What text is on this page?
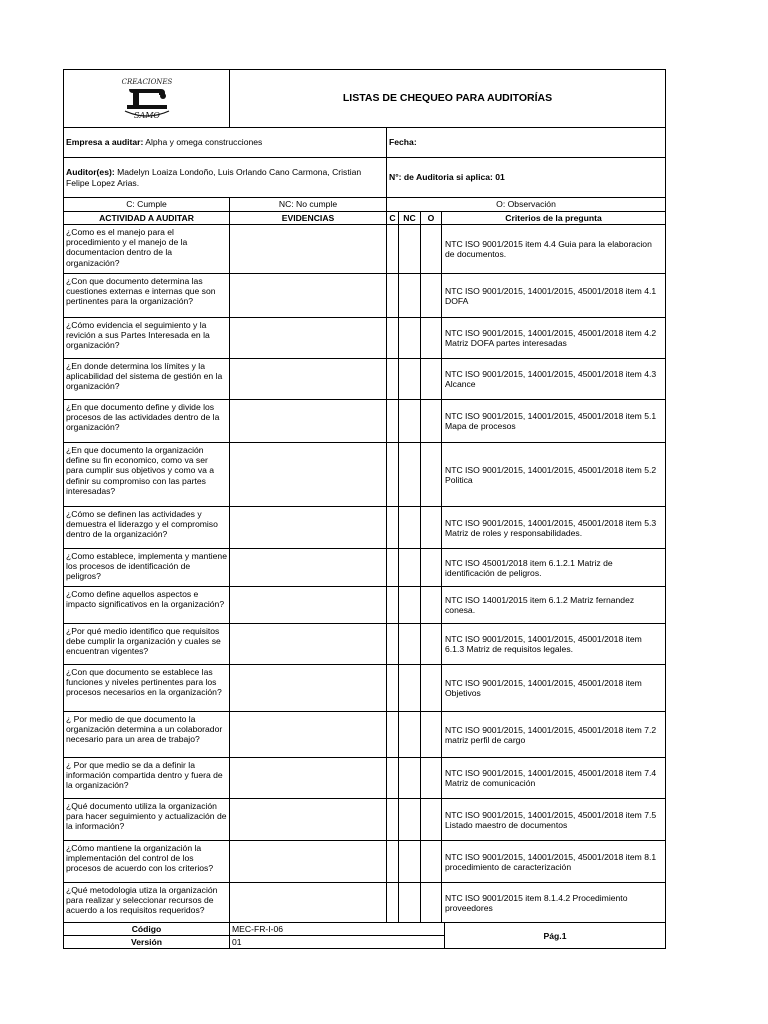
CREACIONES
SAMO	LISTAS DE CHEQUEO PARA AUDITORÍAS					
Empresa a auditar: Alpha y omega construcciones		Fecha:				
Auditor(es): Madelyn Loaiza Londoño, Luis Orlando Cano Carmona, Cristian Felipe Lopez Arias.		N°: de Auditoria si aplica: 01				
C: Cumple	NC: No cumple	O: Observación				
ACTIVIDAD A AUDITAR	EVIDENCIAS	C	NC	O	Criterios de la pregunta	
¿Como es el manejo para el procedimiento y el manejo de la documentacion dentro de la organización?					NTC ISO 9001/2015 item 4.4 Guia para la elaboracion de documentos.	
¿Con que documento determina las cuestiones externas e internas que son pertinentes para la organización?					NTC ISO 9001/2015, 14001/2015, 45001/2018 item 4.1 DOFA	
¿Cómo evidencia el seguimiento y la revición a sus Partes Interesada en la organización?					NTC ISO 9001/2015, 14001/2015, 45001/2018 item 4.2 Matriz DOFA partes interesadas	
¿En donde determina los límites y la aplicabilidad del sistema de gestión en la organización?					NTC ISO 9001/2015, 14001/2015, 45001/2018 item 4.3 Alcance	
¿En que documento define y divide los procesos de las actividades dentro de la organización?					NTC ISO 9001/2015, 14001/2015, 45001/2018 item 5.1 Mapa de procesos	
¿En que documento la organización define su fin economico, como va ser para cumplir sus objetivos y como va a definir su compromiso con las partes interesadas?					NTC ISO 9001/2015, 14001/2015, 45001/2018 item 5.2 Politica	
¿Cómo se definen las actividades y demuestra el liderazgo y el compromiso dentro de la organización?					NTC ISO 9001/2015, 14001/2015, 45001/2018 item 5.3 Matriz de roles y responsabilidades.	
¿Como establece, implementa y mantiene los procesos de identificación de peligros?					NTC ISO 45001/2018 item 6.1.2.1 Matriz de identificación de peligros.	
¿Como define aquellos aspectos e impacto significativos en la organización?					NTC ISO 14001/2015 item 6.1.2 Matriz fernandez conesa.	
¿Por qué medio identifico que requisitos debe cumplir la organización y cuales se encuentran vigentes?					NTC ISO 9001/2015, 14001/2015, 45001/2018 item 6.1.3 Matriz de requisitos legales.	
¿Con que documento se establece las funciones y niveles pertinentes para los procesos necesarios en la organización?					NTC ISO 9001/2015, 14001/2015, 45001/2018 item Objetivos	
¿ Por medio de que documento la organización determina a un colaborador necesario para un area de trabajo?					NTC ISO 9001/2015, 14001/2015, 45001/2018 item 7.2 matriz perfil de cargo	
¿ Por que medio se da a definir la información compartida dentro y fuera de la organización?					NTC ISO 9001/2015, 14001/2015, 45001/2018 item 7.4 Matriz de comunicación	
¿Qué documento utiliza la organización para hacer seguimiento y actualización de la información?					NTC ISO 9001/2015, 14001/2015, 45001/2018 item 7.5 Listado maestro de documentos	
¿Cómo mantiene la organización la implementación del control de los procesos de acuerdo con los criterios?					NTC ISO 9001/2015, 14001/2015, 45001/2018 item 8.1 procedimiento de caracterización	
¿Qué metodologia utiza la organización para realizar y seleccionar recursos de acuerdo a los requisitos requeridos?					NTC ISO 9001/2015 item 8.1.4.2 Procedimiento proveedores	
Código	MEC-FR-I-06					Pág.1
Versión	01					
